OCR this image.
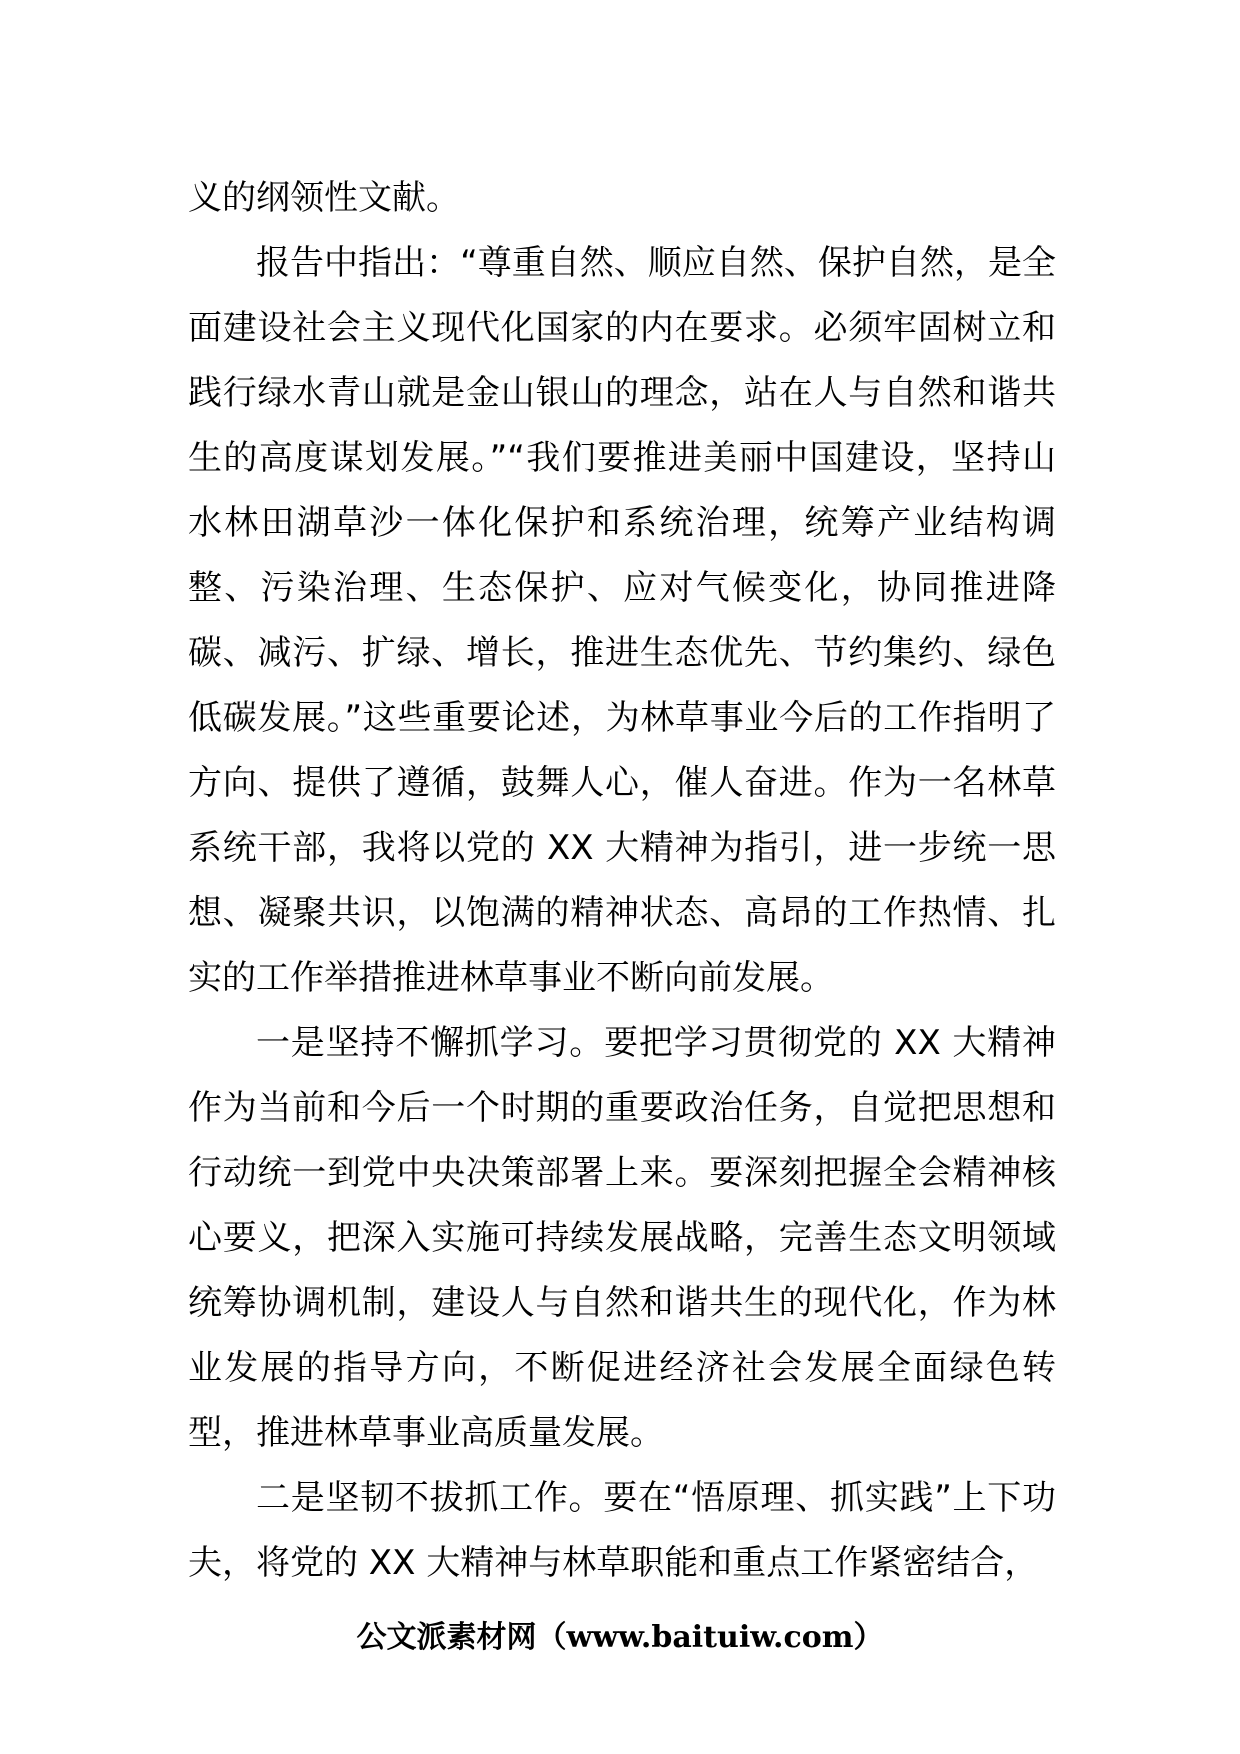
义的纲领性文献。

报告中指出：“尊重自然、顺应自然、保护自然，是全面建设社会主义现代化国家的内在要求。必须牢固树立和践行绿水青山就是金山银山的理念，站在人与自然和谐共生的高度谋划发展。”“我们要推进美丽中国建设，坚持山水林田湖草沙一体化保护和系统治理，统筹产业结构调整、污染治理、生态保护、应对气候变化，协同推进降碳、减污、扩绿、增长，推进生态优先、节约集约、绿色低碳发展。”这些重要论述，为林草事业今后的工作指明了方向、提供了遵循，鼓舞人心，催人奋进。作为一名林草系统干部，我将以党的 XX 大精神为指引，进一步统一思想、凝聚共识，以饱满的精神状态、高昂的工作热情、扎实的工作举措推进林草事业不断向前发展。

一是坚持不懈抓学习。要把学习贯彻党的 XX 大精神作为当前和今后一个时期的重要政治任务，自觉把思想和行动统一到党中央决策部署上来。要深刻把握全会精神核心要义，把深入实施可持续发展战略，完善生态文明领域统筹协调机制，建设人与自然和谐共生的现代化，作为林业发展的指导方向，不断促进经济社会发展全面绿色转型，推进林草事业高质量发展。

二是坚韧不拔抓工作。要在“悟原理、抓实践”上下功夫，将党的 XX 大精神与林草职能和重点工作紧密结合，

公文派素材网（www.baituiw.com）
